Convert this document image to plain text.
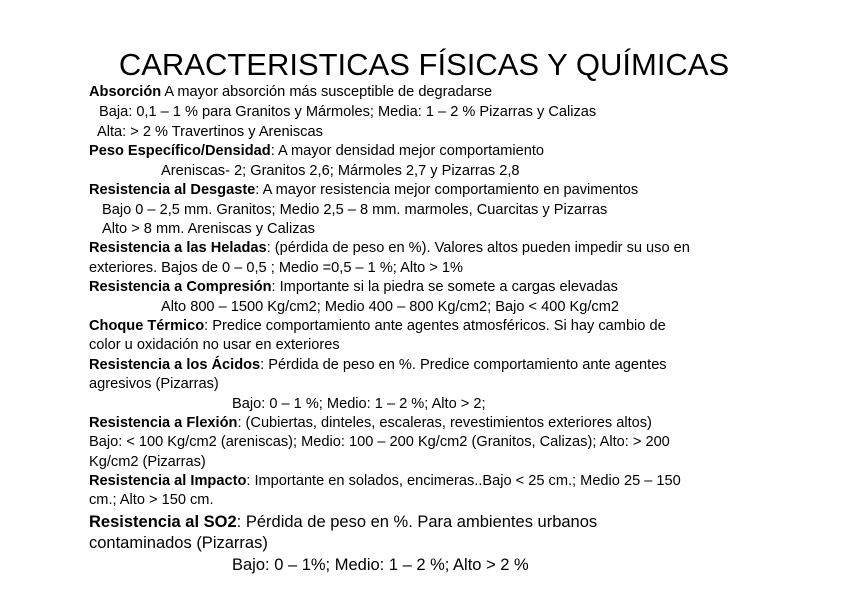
CARACTERISTICAS FÍSICAS Y QUÍMICAS
Absorción A mayor absorción más susceptible de degradarse
Baja: 0,1 – 1 % para Granitos y Mármoles; Media: 1 – 2 % Pizarras y Calizas
Alta: > 2 % Travertinos y Areniscas
Peso Específico/Densidad: A mayor densidad mejor comportamiento
Areniscas- 2; Granitos 2,6; Mármoles 2,7 y Pizarras 2,8
Resistencia al Desgaste: A mayor resistencia mejor comportamiento en pavimentos
Bajo 0 – 2,5 mm. Granitos; Medio 2,5 – 8 mm. marmoles, Cuarcitas y Pizarras
Alto > 8 mm. Areniscas y Calizas
Resistencia a las Heladas: (pérdida de peso en %). Valores altos pueden impedir su uso en
exteriores. Bajos de 0 – 0,5 ; Medio =0,5 – 1 %; Alto > 1%
Resistencia a Compresión: Importante si la piedra se somete a cargas elevadas
Alto 800 – 1500 Kg/cm2; Medio 400 – 800 Kg/cm2; Bajo < 400 Kg/cm2
Choque Térmico: Predice comportamiento ante agentes atmosféricos. Si hay cambio de
color u oxidación no usar en exteriores
Resistencia a los Ácidos: Pérdida de peso en %. Predice comportamiento ante agentes
agresivos (Pizarras)
Bajo: 0 – 1 %; Medio: 1 – 2 %; Alto > 2;
Resistencia a Flexión: (Cubiertas, dinteles, escaleras, revestimientos exteriores altos)
Bajo: < 100 Kg/cm2 (areniscas); Medio: 100 – 200 Kg/cm2 (Granitos, Calizas); Alto: > 200
Kg/cm2 (Pizarras)
Resistencia al Impacto: Importante en solados, encimeras..Bajo < 25 cm.; Medio 25 – 150
cm.; Alto > 150 cm.
Resistencia al SO2: Pérdida de peso en %. Para ambientes urbanos
contaminados (Pizarras)
Bajo: 0 – 1%; Medio: 1 – 2 %; Alto > 2 %
